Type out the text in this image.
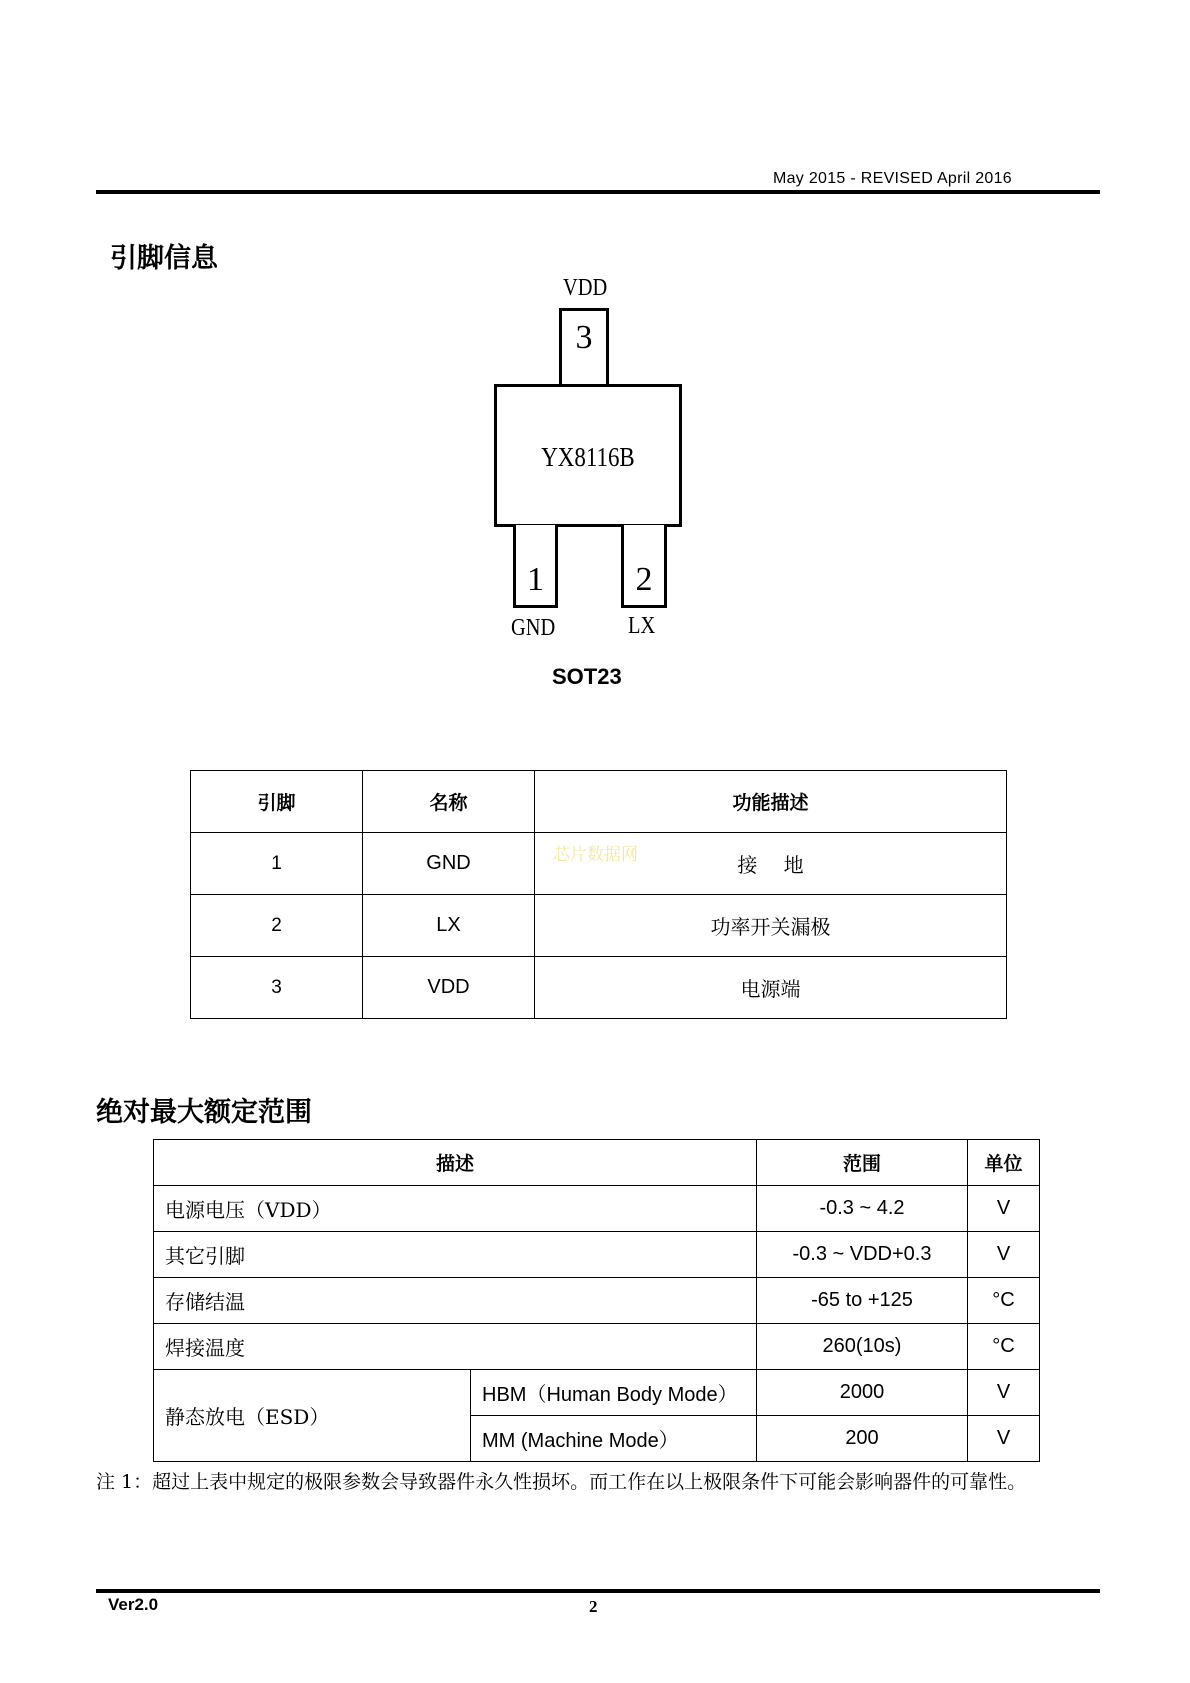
May 2015 - REVISED April 2016
引脚信息
VDD
3
YX8116B
1	2
GND	LX
SOT23
引脚	名称	功能描述
1	GND	接　 地
2	LX	功率开关漏极
3	VDD	电源端
芯片数据网
绝对最大额定范围
描述		范围	单位
电源电压（VDD）		-0.3 ~ 4.2	V
其它引脚		-0.3 ~ VDD+0.3	V
存储结温		-65 to +125	°C
焊接温度		260(10s)	°C
静态放电（ESD）	HBM（Human Body Mode）	2000	V
	MM (Machine Mode）	200	V
注 1：超过上表中规定的极限参数会导致器件永久性损坏。而工作在以上极限条件下可能会影响器件的可靠性。
Ver2.0	2
